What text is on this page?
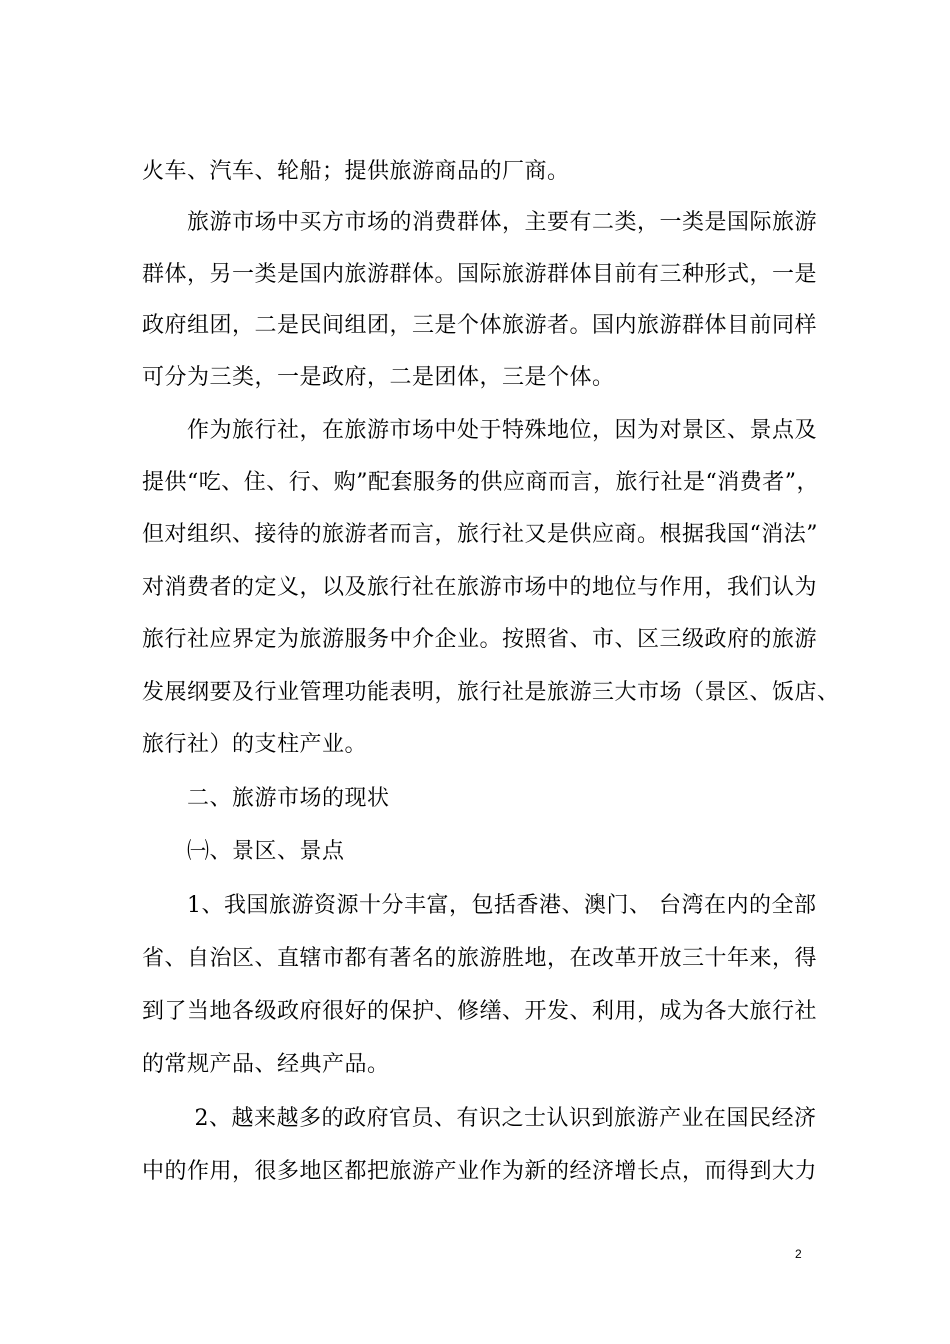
火车、汽车、轮船；提供旅游商品的厂商。
　　旅游市场中买方市场的消费群体，主要有二类，一类是国际旅游
群体，另一类是国内旅游群体。国际旅游群体目前有三种形式，一是
政府组团，二是民间组团，三是个体旅游者。国内旅游群体目前同样
可分为三类，一是政府，二是团体，三是个体。
　　作为旅行社，在旅游市场中处于特殊地位，因为对景区、景点及
提供“吃、住、行、购”配套服务的供应商而言，旅行社是“消费者”，
但对组织、接待的旅游者而言，旅行社又是供应商。根据我国“消法”
对消费者的定义，以及旅行社在旅游市场中的地位与作用，我们认为
旅行社应界定为旅游服务中介企业。按照省、市、区三级政府的旅游
发展纲要及行业管理功能表明，旅行社是旅游三大市场（景区、饭店、
旅行社）的支柱产业。
　　二、旅游市场的现状
　　㈠、景区、景点
　　1、我国旅游资源十分丰富，包括香港、澳门、 台湾在内的全部
省、自治区、直辖市都有著名的旅游胜地，在改革开放三十年来，得
到了当地各级政府很好的保护、修缮、开发、利用，成为各大旅行社
的常规产品、经典产品。
　　 2、越来越多的政府官员、有识之士认识到旅游产业在国民经济
中的作用，很多地区都把旅游产业作为新的经济增长点，而得到大力
2
